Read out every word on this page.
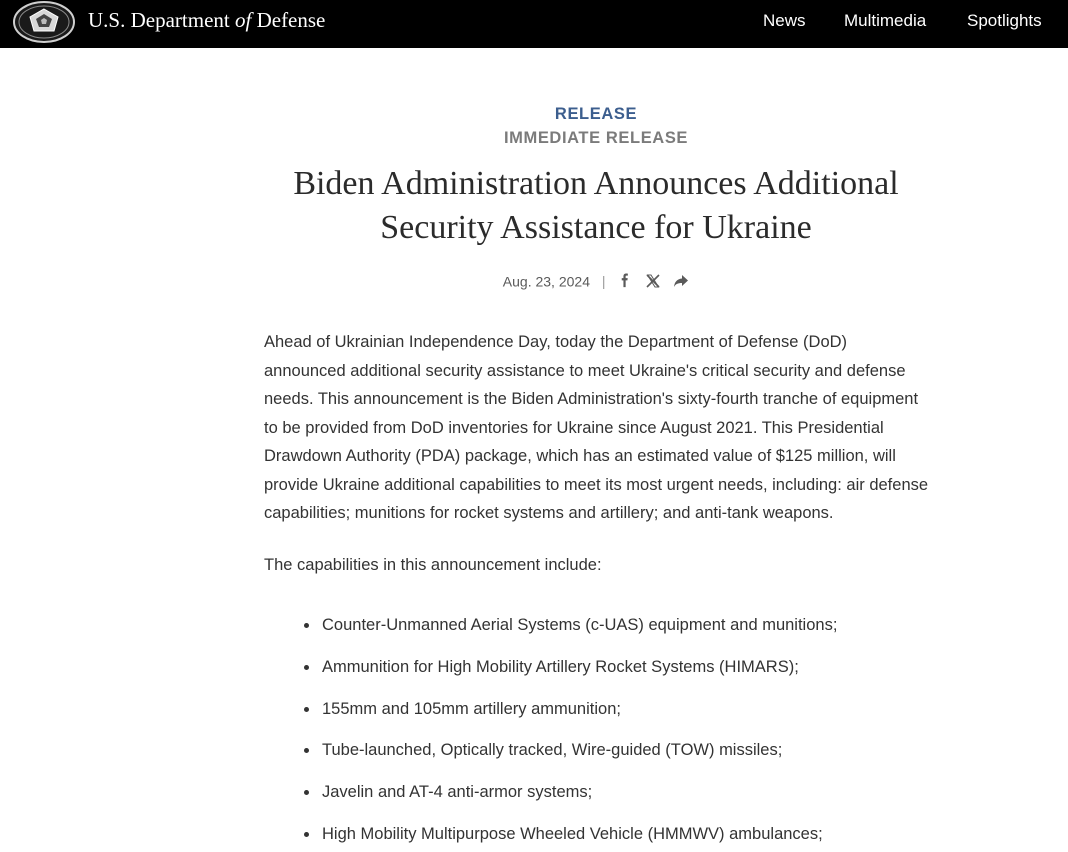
U.S. Department of Defense	News Multimedia Spotlights
RELEASE
IMMEDIATE RELEASE
Biden Administration Announces Additional Security Assistance for Ukraine
Aug. 23, 2024 |

Ahead of Ukrainian Independence Day, today the Department of Defense (DoD) announced additional security assistance to meet Ukraine's critical security and defense needs. This announcement is the Biden Administration's sixty-fourth tranche of equipment to be provided from DoD inventories for Ukraine since August 2021. This Presidential Drawdown Authority (PDA) package, which has an estimated value of $125 million, will provide Ukraine additional capabilities to meet its most urgent needs, including: air defense capabilities; munitions for rocket systems and artillery; and anti-tank weapons.

The capabilities in this announcement include:

Counter-Unmanned Aerial Systems (c-UAS) equipment and munitions;
Ammunition for High Mobility Artillery Rocket Systems (HIMARS);
155mm and 105mm artillery ammunition;
Tube-launched, Optically tracked, Wire-guided (TOW) missiles;
Javelin and AT-4 anti-armor systems;
High Mobility Multipurpose Wheeled Vehicle (HMMWV) ambulances;
